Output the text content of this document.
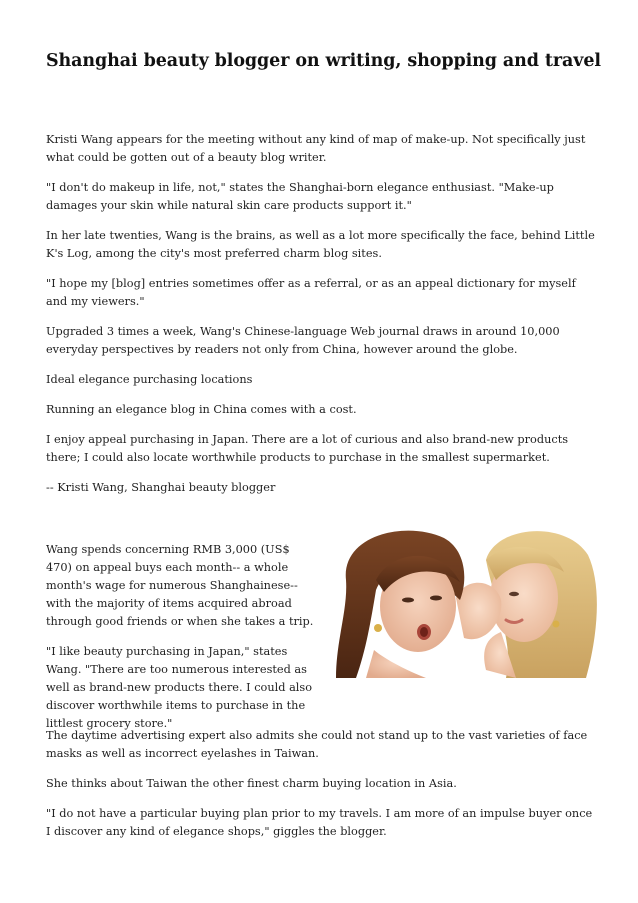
Shanghai beauty blogger on writing, shopping and travel

Kristi Wang appears for the meeting without any kind of map of make-up. Not specifically just what could be gotten out of a beauty blog writer.

"I don't do makeup in life, not," states the Shanghai-born elegance enthusiast. "Make-up damages your skin while natural skin care products support it."

In her late twenties, Wang is the brains, as well as a lot more specifically the face, behind Little K's Log, among the city's most preferred charm blog sites.

"I hope my [blog] entries sometimes offer as a referral, or as an appeal dictionary for myself and my viewers."

Upgraded 3 times a week, Wang's Chinese-language Web journal draws in around 10,000 everyday perspectives by readers not only from China, however around the globe.

Ideal elegance purchasing locations

Running an elegance blog in China comes with a cost.

I enjoy appeal purchasing in Japan. There are a lot of curious and also brand-new products there; I could also locate worthwhile products to purchase in the smallest supermarket.

-- Kristi Wang, Shanghai beauty blogger

Wang spends concerning RMB 3,000 (US$ 470) on appeal buys each month-- a whole month's wage for numerous Shanghainese-- with the majority of items acquired abroad through good friends or when she takes a trip.

"I like beauty purchasing in Japan," states Wang. "There are too numerous interested as well as brand-new products there. I could also discover worthwhile items to purchase in the littlest grocery store."

The daytime advertising expert also admits she could not stand up to the vast varieties of face masks as well as incorrect eyelashes in Taiwan.

She thinks about Taiwan the other finest charm buying location in Asia.

"I do not have a particular buying plan prior to my travels. I am more of an impulse buyer once I discover any kind of elegance shops," giggles the blogger.
